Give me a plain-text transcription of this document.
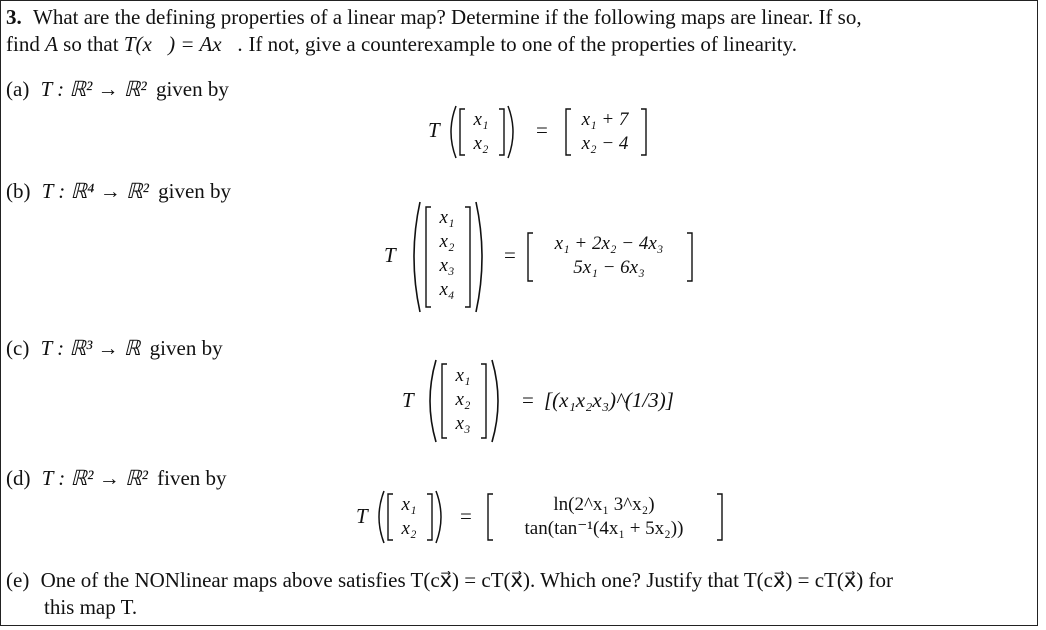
3. What are the defining properties of a linear map? Determine if the following maps are linear. If so,
find A so that T(x⃗) = Ax⃗. If not, give a counterexample to one of the properties of linearity.
(a) T : ℝ² → ℝ² given by
T	x₁
x₂
=	x₁ + 7
x₂ − 4
(b) T : ℝ⁴ → ℝ² given by
T
x₁
x₂
x₃
x₄
=	x₁ + 2x₂ − 4x₃
5x₁ − 6x₃
(c) T : ℝ³ → ℝ given by
T
x₁
x₂
x₃
= [(x₁x₂x₃)^(1/3)]
(d) T : ℝ² → ℝ² fiven by
T	x₁
x₂
=	ln(2^x₁ 3^x₂)
tan(tan⁻¹(4x₁ + 5x₂))
(e) One of the NONlinear maps above satisfies T(cx⃗) = cT(x⃗). Which one? Justify that T(cx⃗) = cT(x⃗) for
this map T.
